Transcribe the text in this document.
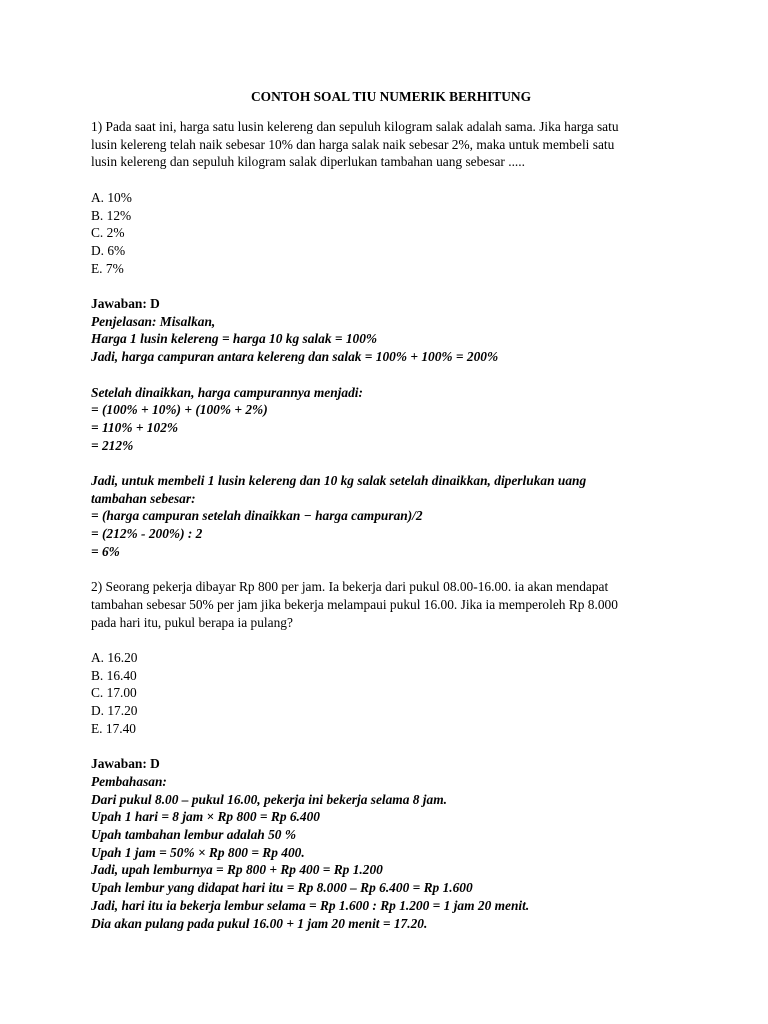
CONTOH SOAL TIU NUMERIK BERHITUNG
1) Pada saat ini, harga satu lusin kelereng dan sepuluh kilogram salak adalah sama. Jika harga satu
lusin kelereng telah naik sebesar 10% dan harga salak naik sebesar 2%, maka untuk membeli satu
lusin kelereng dan sepuluh kilogram salak diperlukan tambahan uang sebesar .....
A. 10%
B. 12%
C. 2%
D. 6%
E. 7%
Jawaban: D
Penjelasan: Misalkan,
Harga 1 lusin kelereng = harga 10 kg salak = 100%
Jadi, harga campuran antara kelereng dan salak = 100% + 100% = 200%
Setelah dinaikkan, harga campurannya menjadi:
= (100% + 10%) + (100% + 2%)
= 110% + 102%
= 212%
Jadi, untuk membeli 1 lusin kelereng dan 10 kg salak setelah dinaikkan, diperlukan uang
tambahan sebesar:
= (harga campuran setelah dinaikkan − harga campuran)/2
= (212% - 200%) : 2
= 6%
2) Seorang pekerja dibayar Rp 800 per jam. Ia bekerja dari pukul 08.00-16.00. ia akan mendapat
tambahan sebesar 50% per jam jika bekerja melampaui pukul 16.00. Jika ia memperoleh Rp 8.000
pada hari itu, pukul berapa ia pulang?
A. 16.20
B. 16.40
C. 17.00
D. 17.20
E. 17.40
Jawaban: D
Pembahasan:
Dari pukul 8.00 – pukul 16.00, pekerja ini bekerja selama 8 jam.
Upah 1 hari = 8 jam × Rp 800 = Rp 6.400
Upah tambahan lembur adalah 50 %
Upah 1 jam = 50% × Rp 800 = Rp 400.
Jadi, upah lemburnya = Rp 800 + Rp 400 = Rp 1.200
Upah lembur yang didapat hari itu = Rp 8.000 – Rp 6.400 = Rp 1.600
Jadi, hari itu ia bekerja lembur selama = Rp 1.600 : Rp 1.200 = 1 jam 20 menit.
Dia akan pulang pada pukul 16.00 + 1 jam 20 menit = 17.20.
